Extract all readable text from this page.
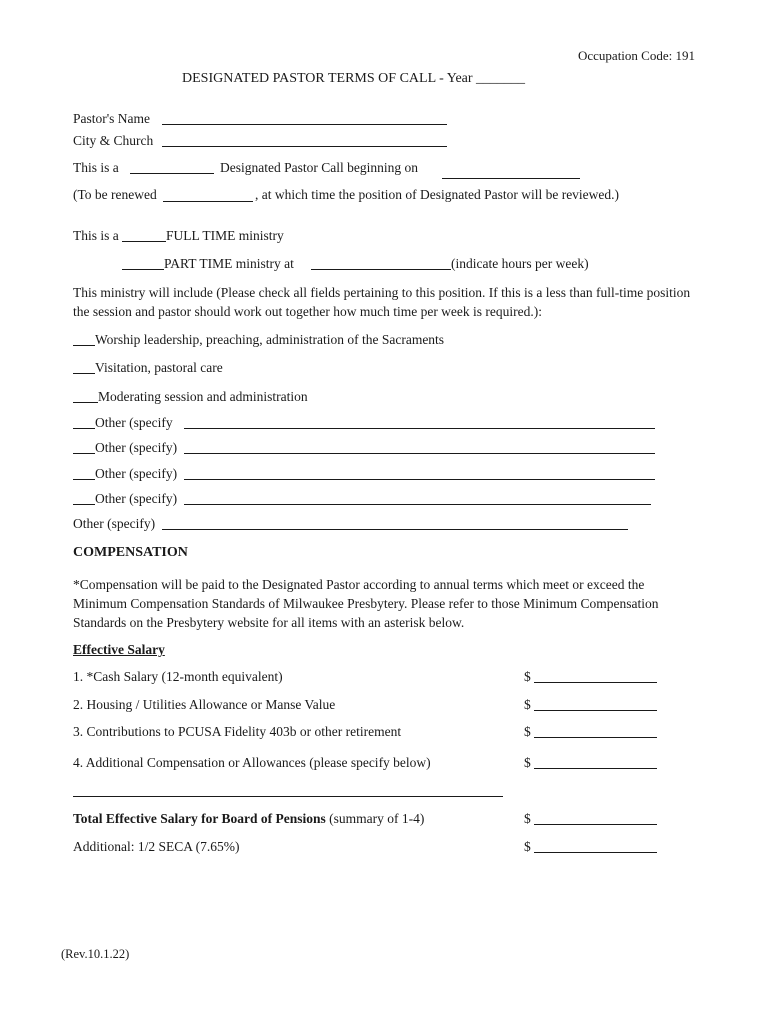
Occupation Code: 191
DESIGNATED PASTOR TERMS OF CALL - Year _______
Pastor's Name
City & Church
This is a	Designated Pastor Call beginning on
(To be renewed	, at which time the position of Designated Pastor will be reviewed.)
This is a	FULL TIME ministry
PART TIME ministry at	(indicate hours per week)
This ministry will include (Please check all fields pertaining to this position. If this is a less than full-time position the session and pastor should work out together how much time per week is required.):
Worship leadership, preaching, administration of the Sacraments
Visitation, pastoral care
Moderating session and administration
Other (specify
Other (specify)
Other (specify)
Other (specify)
Other (specify)
COMPENSATION
*Compensation will be paid to the Designated Pastor according to annual terms which meet or exceed the Minimum Compensation Standards of Milwaukee Presbytery. Please refer to those Minimum Compensation Standards on the Presbytery website for all items with an asterisk below.
Effective Salary
1. *Cash Salary (12-month equivalent)	$
2. Housing / Utilities Allowance or Manse Value	$
3. Contributions to PCUSA Fidelity 403b or other retirement	$
4. Additional Compensation or Allowances (please specify below)	$
Total Effective Salary for Board of Pensions (summary of 1-4)	$
Additional: 1/2 SECA (7.65%)	$
(Rev.10.1.22)
